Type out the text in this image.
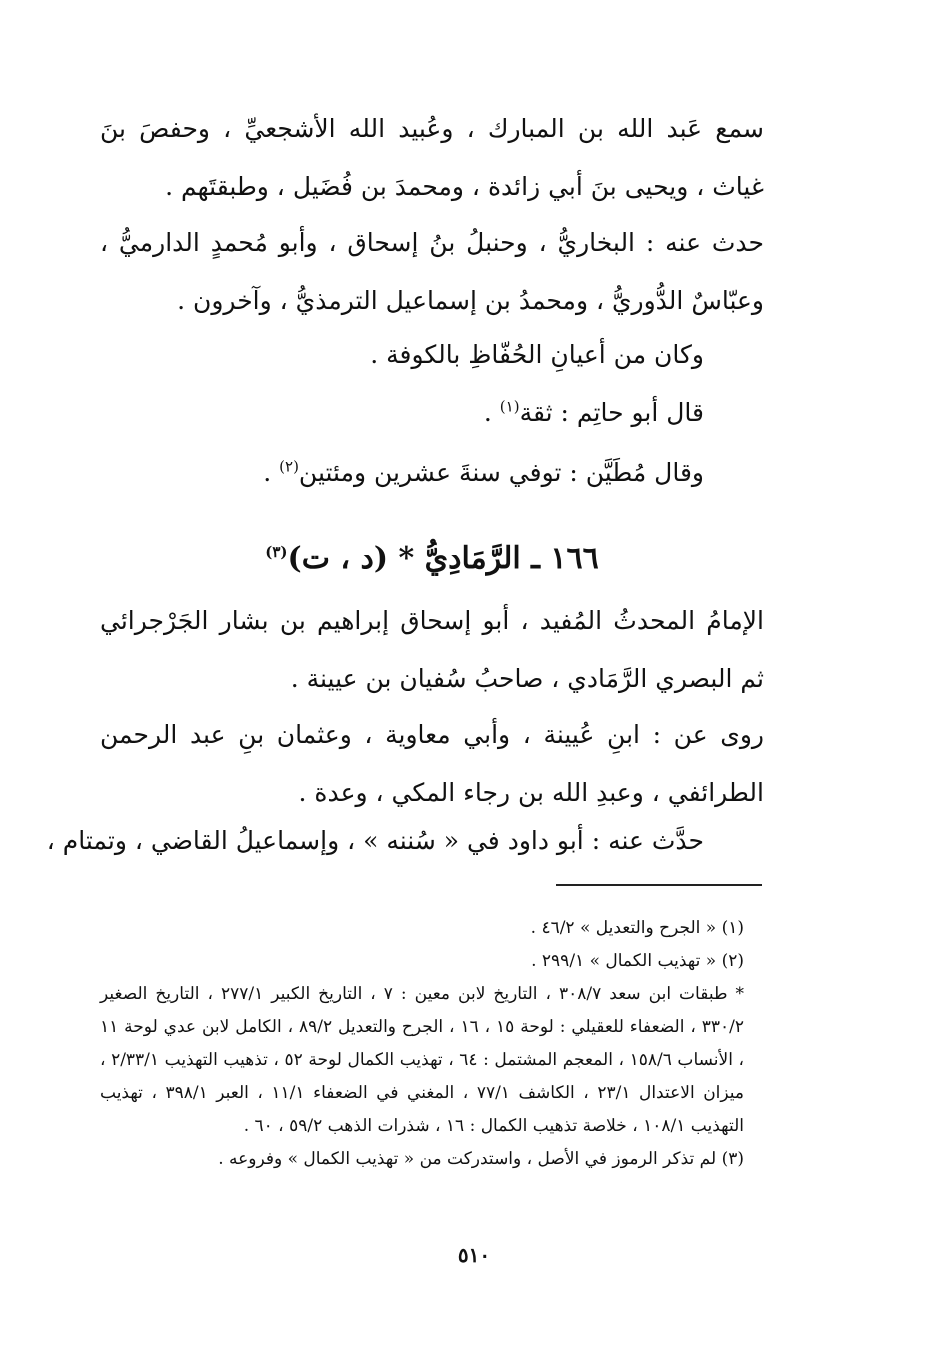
سمع عَبد الله بن المبارك ، وعُبيد الله الأشجعيِّ ، وحفصَ بنَ غياث ، ويحيى بنَ أبي زائدة ، ومحمدَ بن فُضَيل ، وطبقتَهم .

حدث عنه : البخاريُّ ، وحنبلُ بنُ إسحاق ، وأبو مُحمدٍ الدارميُّ ، وعبّاسٌ الدُّوريُّ ، ومحمدُ بن إسماعيل الترمذيُّ ، وآخرون .

وكان من أعيانِ الحُفّاظِ بالكوفة .
قال أبو حاتِم : ثقة$^{(١)}$ .
وقال مُطَيَّن : توفي سنةَ عشرين ومئتين$^{(٢)}$ .
١٦٦ ـ الرَّمَادِيُّ * (د ، ت)$^{(٣)}$

الإمامُ المحدثُ المُفيد ، أبو إسحاق إبراهيم بن بشار الجَرْجرائي ثم البصري الرَّمَادي ، صاحبُ سُفيان بن عيينة .

روى عن : ابنِ عُيينة ، وأبي معاوية ، وعثمان بنِ عبد الرحمن الطرائفي ، وعبدِ الله بن رجاء المكي ، وعدة .

حدَّث عنه : أبو داود في « سُننه » ، وإسماعيلُ القاضي ، وتمتام ،

(١) « الجرح والتعديل » ٤٦/٢ .

(٢) « تهذيب الكمال » ٢٩٩/١ .

* طبقات ابن سعد ٣٠٨/٧ ، التاريخ لابن معين : ٧ ، التاريخ الكبير ٢٧٧/١ ، التاريخ الصغير ٣٣٠/٢ ، الضعفاء للعقيلي : لوحة ١٥ ، ١٦ ، الجرح والتعديل ٨٩/٢ ، الكامل لابن عدي لوحة ١١ ، الأنساب ١٥٨/٦ ، المعجم المشتمل : ٦٤ ، تهذيب الكمال لوحة ٥٢ ، تذهيب التهذيب ٢/٣٣/١ ، ميزان الاعتدال ٢٣/١ ، الكاشف ٧٧/١ ، المغني في الضعفاء ١١/١ ، العبر ٣٩٨/١ ، تهذيب التهذيب ١٠٨/١ ، خلاصة تذهيب الكمال : ١٦ ، شذرات الذهب ٥٩/٢ ، ٦٠ .

(٣) لم تذكر الرموز في الأصل ، واستدركت من « تهذيب الكمال » وفروعه .

٥١٠
